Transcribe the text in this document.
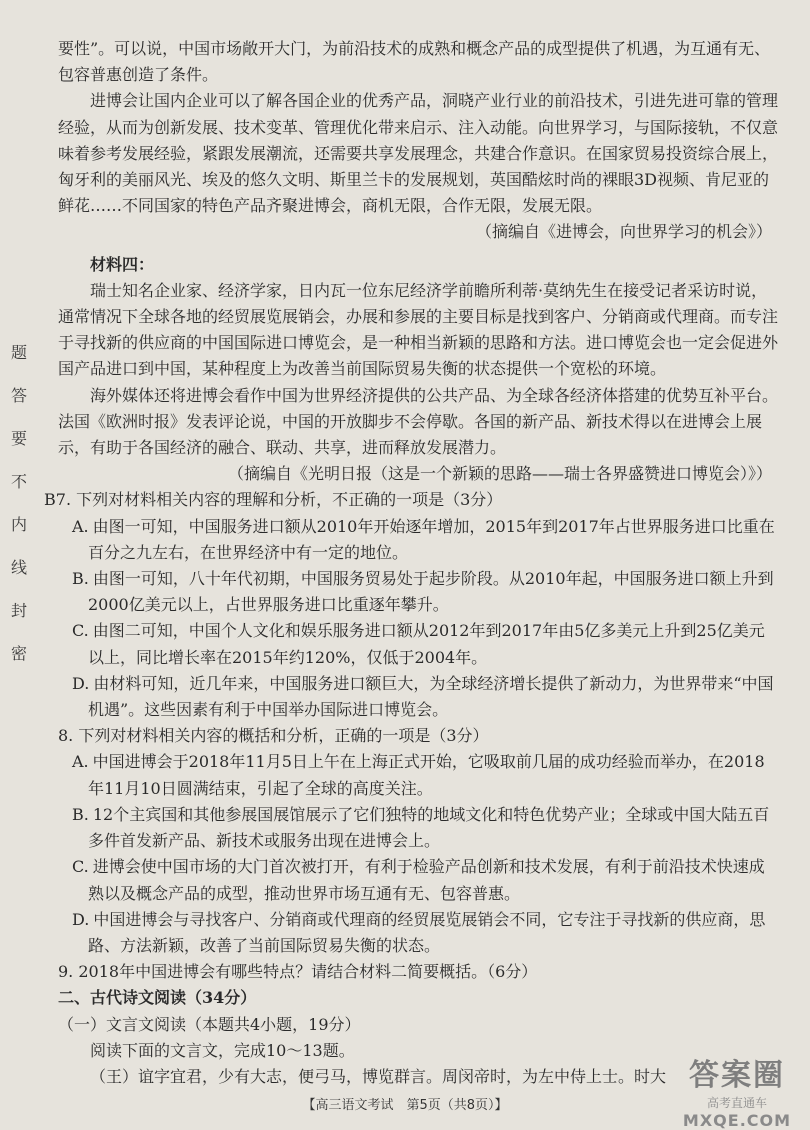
题
答
要
不
内
线
封
密

要性”。可以说，中国市场敞开大门，为前沿技术的成熟和概念产品的成型提供了机遇，为互通有无、包容普惠创造了条件。

进博会让国内企业可以了解各国企业的优秀产品，洞晓产业行业的前沿技术，引进先进可靠的管理经验，从而为创新发展、技术变革、管理优化带来启示、注入动能。向世界学习，与国际接轨，不仅意味着参考发展经验，紧跟发展潮流，还需要共享发展理念，共建合作意识。在国家贸易投资综合展上，匈牙利的美丽风光、埃及的悠久文明、斯里兰卡的发展规划，英国酷炫时尚的裸眼3D视频、肯尼亚的鲜花……不同国家的特色产品齐聚进博会，商机无限，合作无限，发展无限。

（摘编自《进博会，向世界学习的机会》）

材料四：

瑞士知名企业家、经济学家，日内瓦一位东尼经济学前瞻所利蒂·莫纳先生在接受记者采访时说，通常情况下全球各地的经贸展览展销会，办展和参展的主要目标是找到客户、分销商或代理商。而专注于寻找新的供应商的中国国际进口博览会，是一种相当新颖的思路和方法。进口博览会也一定会促进外国产品进口到中国，某种程度上为改善当前国际贸易失衡的状态提供一个宽松的环境。

海外媒体还将进博会看作中国为世界经济提供的公共产品、为全球各经济体搭建的优势互补平台。法国《欧洲时报》发表评论说，中国的开放脚步不会停歇。各国的新产品、新技术得以在进博会上展示，有助于各国经济的融合、联动、共享，进而释放发展潜力。

（摘编自《光明日报（这是一个新颖的思路——瑞士各界盛赞进口博览会）》）

B7. 下列对材料相关内容的理解和分析，不正确的一项是（3分）

A. 由图一可知，中国服务进口额从2010年开始逐年增加，2015年到2017年占世界服务进口比重在百分之九左右，在世界经济中有一定的地位。

B. 由图一可知，八十年代初期，中国服务贸易处于起步阶段。从2010年起，中国服务进口额上升到2000亿美元以上，占世界服务进口比重逐年攀升。

C. 由图二可知，中国个人文化和娱乐服务进口额从2012年到2017年由5亿多美元上升到25亿美元以上，同比增长率在2015年约120%，仅低于2004年。

D. 由材料可知，近几年来，中国服务进口额巨大，为全球经济增长提供了新动力，为世界带来“中国机遇”。这些因素有利于中国举办国际进口博览会。

8. 下列对材料相关内容的概括和分析，正确的一项是（3分）

A. 中国进博会于2018年11月5日上午在上海正式开始，它吸取前几届的成功经验而举办，在2018年11月10日圆满结束，引起了全球的高度关注。

B. 12个主宾国和其他参展国展馆展示了它们独特的地域文化和特色优势产业；全球或中国大陆五百多件首发新产品、新技术或服务出现在进博会上。

C. 进博会使中国市场的大门首次被打开，有利于检验产品创新和技术发展，有利于前沿技术快速成熟以及概念产品的成型，推动世界市场互通有无、包容普惠。

D. 中国进博会与寻找客户、分销商或代理商的经贸展览展销会不同，它专注于寻找新的供应商，思路、方法新颖，改善了当前国际贸易失衡的状态。

9. 2018年中国进博会有哪些特点？请结合材料二简要概括。（6分）

二、古代诗文阅读（34分）

（一）文言文阅读（本题共4小题，19分）

阅读下面的文言文，完成10～13题。

（王）谊字宜君，少有大志，便弓马，博览群言。周闵帝时，为左中侍上士。时大

【高三语文考试　第5页（共8页）】
答案圈
高考直通车
MXQE.COM
